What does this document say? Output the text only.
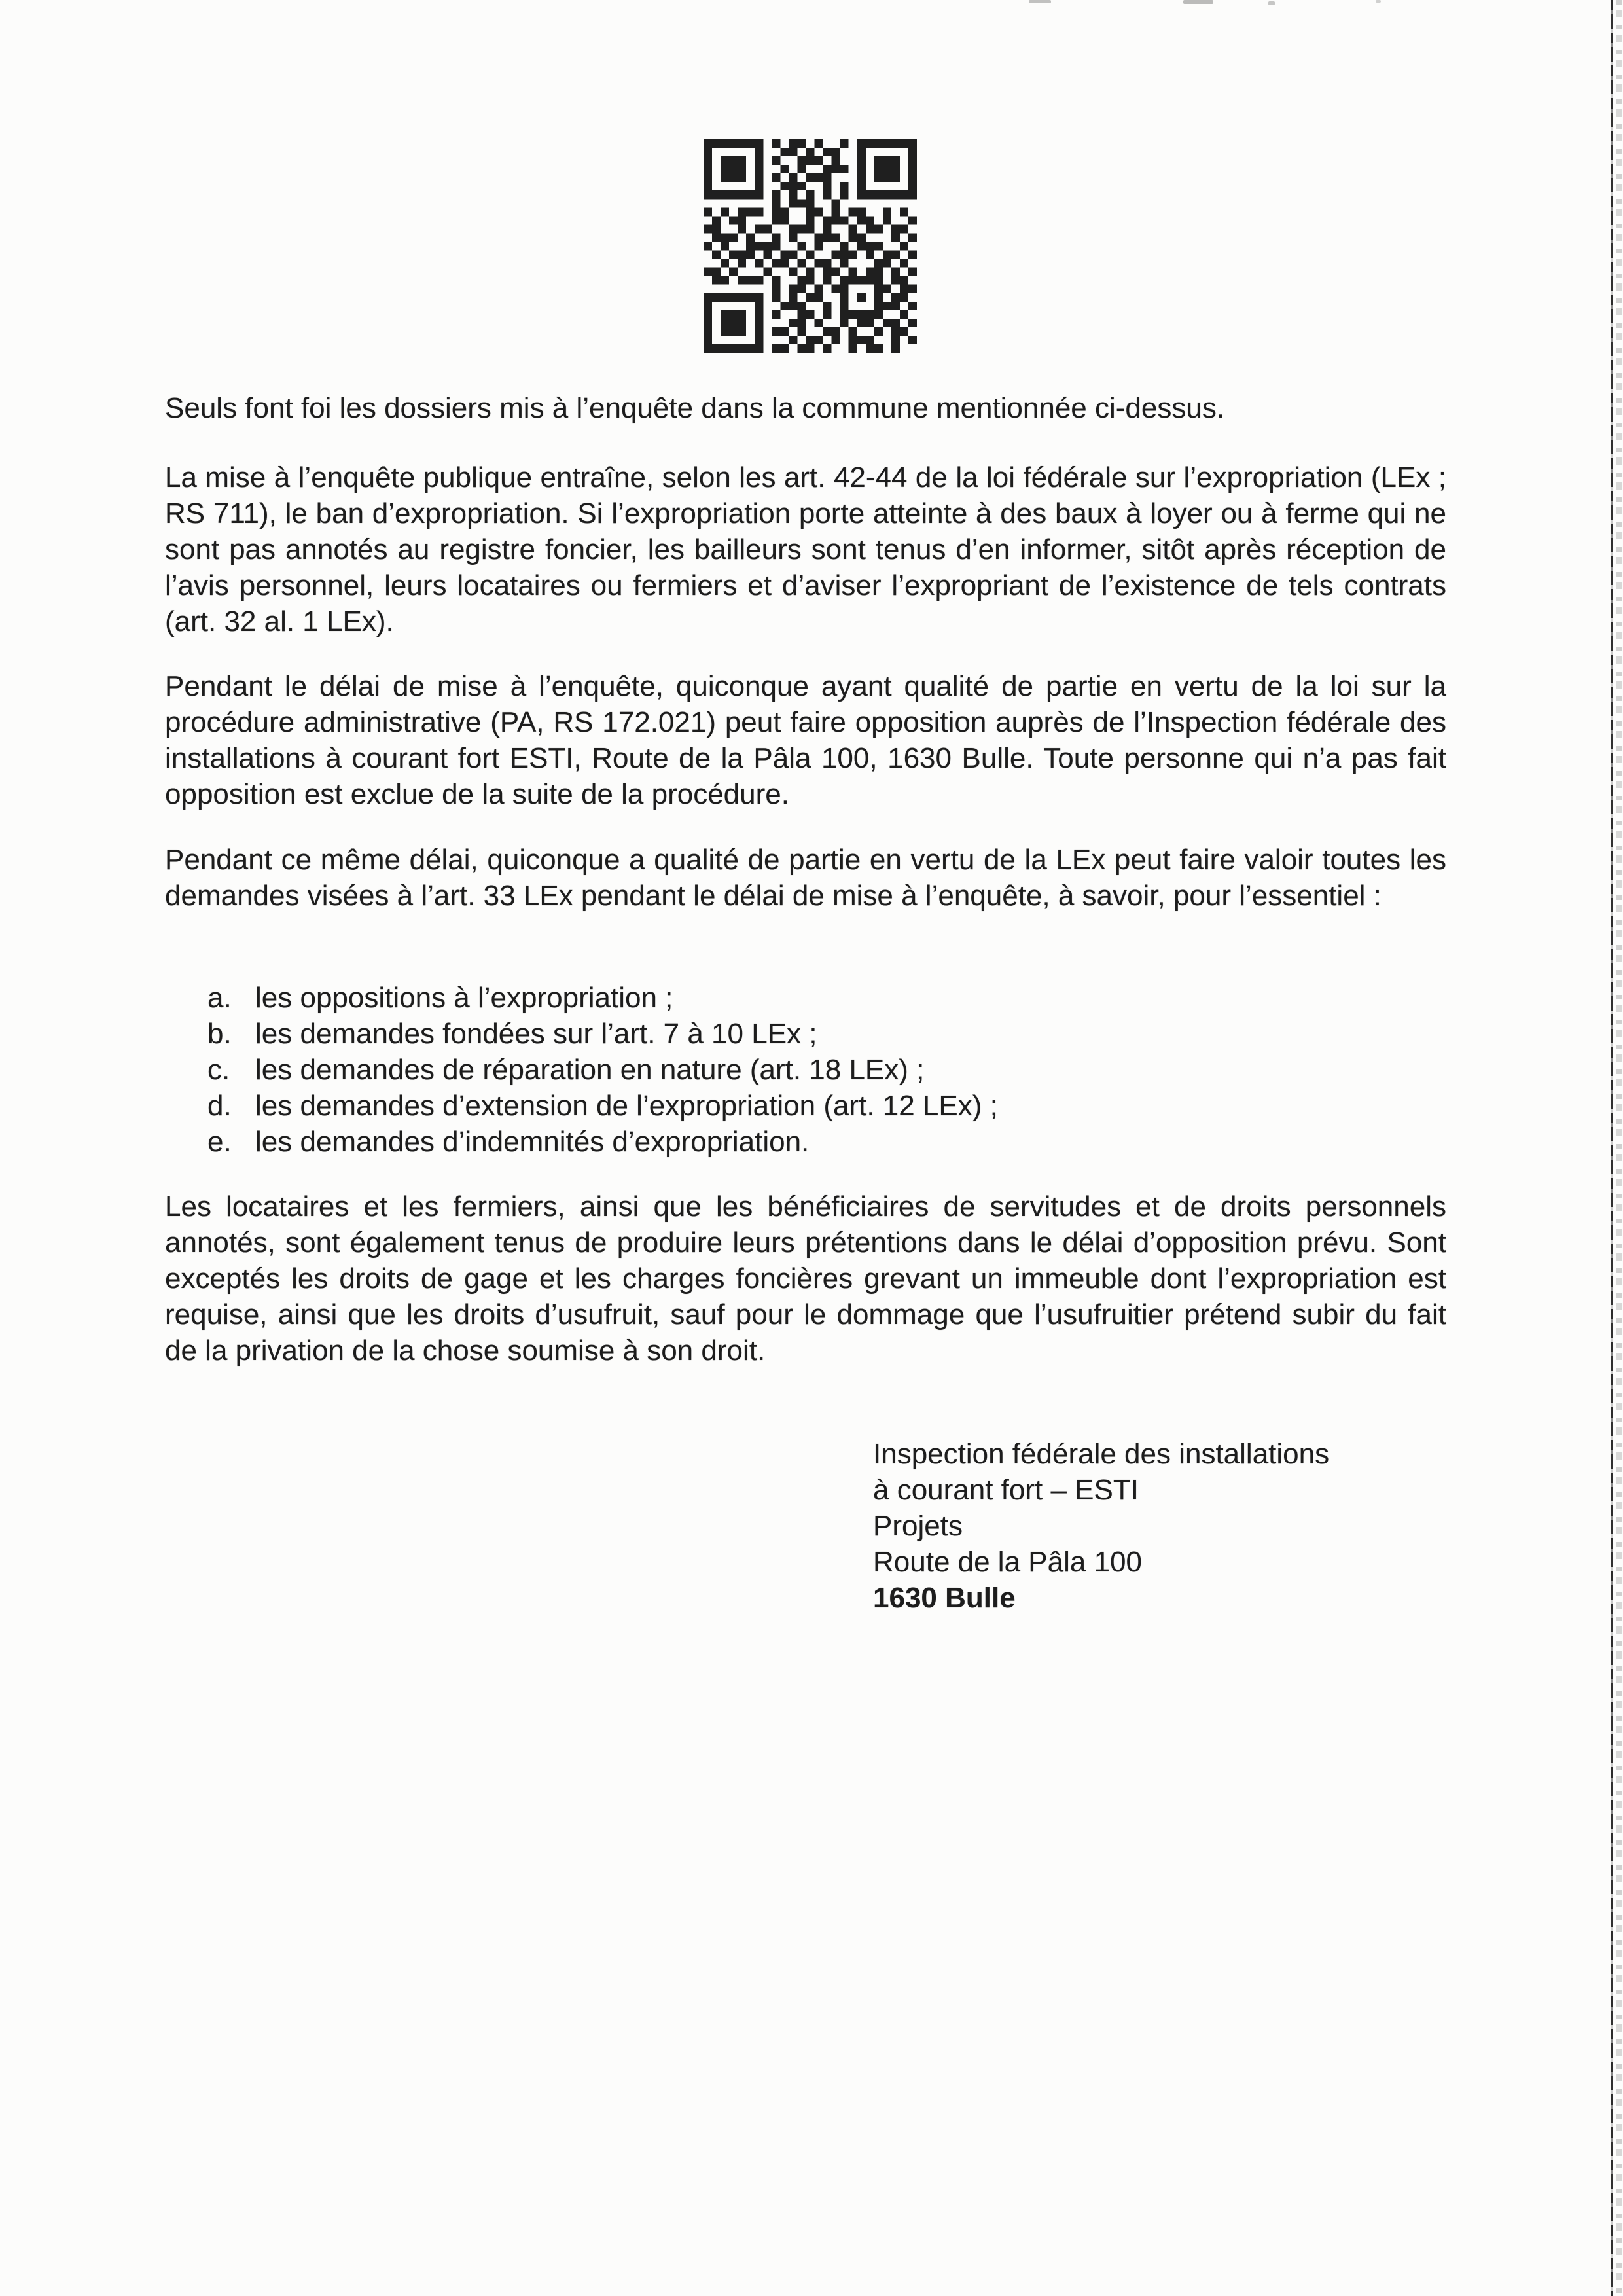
Seuls font foi les dossiers mis à l’enquête dans la commune mentionnée ci-dessus.

La mise à l’enquête publique entraîne, selon les art. 42-44 de la loi fédérale sur l’expropriation (LEx ; RS 711), le ban d’expropriation. Si l’expropriation porte atteinte à des baux à loyer ou à ferme qui ne sont pas annotés au registre foncier, les bailleurs sont tenus d’en informer, sitôt après réception de l’avis personnel, leurs locataires ou fermiers et d’aviser l’expropriant de l’existence de tels contrats (art. 32 al. 1 LEx).

Pendant le délai de mise à l’enquête, quiconque ayant qualité de partie en vertu de la loi sur la procédure administrative (PA, RS 172.021) peut faire opposition auprès de l’Inspection fédérale des installations à courant fort ESTI, Route de la Pâla 100, 1630 Bulle. Toute personne qui n’a pas fait opposition est exclue de la suite de la procédure.

Pendant ce même délai, quiconque a qualité de partie en vertu de la LEx peut faire valoir toutes les demandes visées à l’art. 33 LEx pendant le délai de mise à l’enquête, à savoir, pour l’essentiel :

a. les oppositions à l’expropriation ;
b. les demandes fondées sur l’art. 7 à 10 LEx ;
c. les demandes de réparation en nature (art. 18 LEx) ;
d. les demandes d’extension de l’expropriation (art. 12 LEx) ;
e. les demandes d’indemnités d’expropriation.

Les locataires et les fermiers, ainsi que les bénéficiaires de servitudes et de droits personnels annotés, sont également tenus de produire leurs prétentions dans le délai d’opposition prévu. Sont exceptés les droits de gage et les charges foncières grevant un immeuble dont l’expropriation est requise, ainsi que les droits d’usufruit, sauf pour le dommage que l’usufruitier prétend subir du fait de la privation de la chose soumise à son droit.

Inspection fédérale des installations
à courant fort – ESTI
Projets
Route de la Pâla 100
1630 Bulle
